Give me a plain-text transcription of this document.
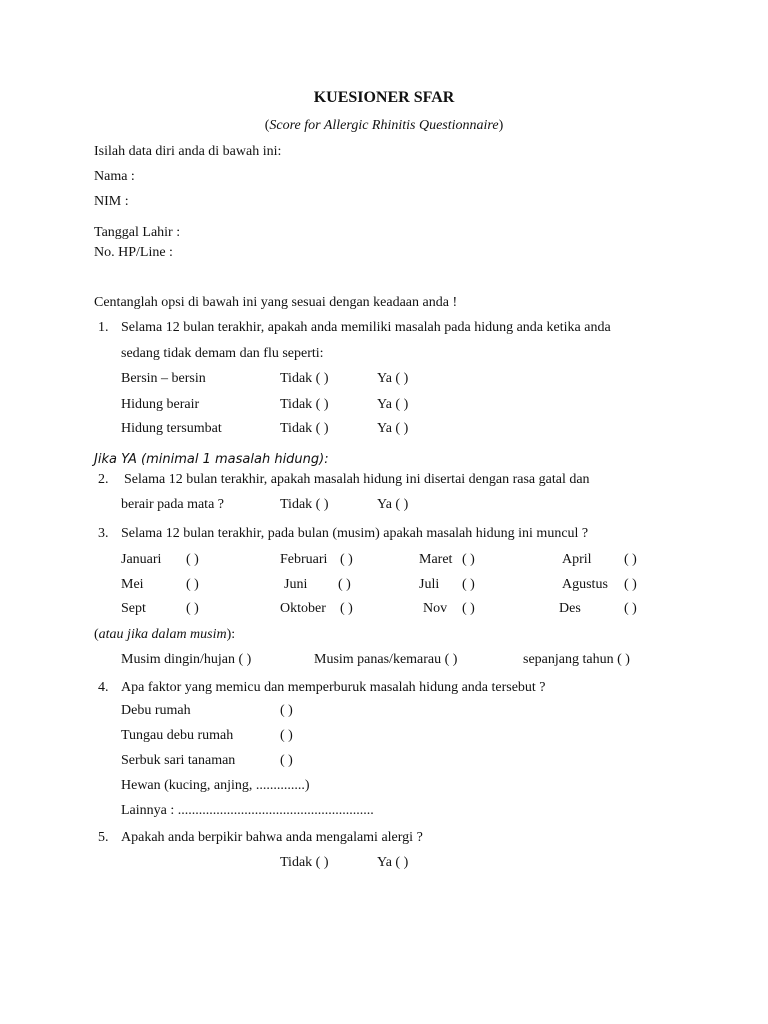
KUESIONER SFAR
(Score for Allergic Rhinitis Questionnaire)
Isilah data diri anda di bawah ini:
Nama :
NIM :
Tanggal Lahir :
No. HP/Line :
Centanglah opsi di bawah ini yang sesuai dengan keadaan anda !
1. Selama 12 bulan terakhir, apakah anda memiliki masalah pada hidung anda ketika anda
sedang tidak demam dan flu seperti:
Bersin – bersin	Tidak ( )	Ya ( )
Hidung berair	Tidak ( )	Ya ( )
Hidung tersumbat	Tidak ( )	Ya ( )
Jika YA (minimal 1 masalah hidung):
2. Selama 12 bulan terakhir, apakah masalah hidung ini disertai dengan rasa gatal dan
berair pada mata ?	Tidak ( )	Ya ( )
3. Selama 12 bulan terakhir, pada bulan (musim) apakah masalah hidung ini muncul ?
Januari ( )	Februari ( )	Maret ( )	April ( )
Mei	( )	Juni ( )	Juli ( )	Agustus ( )
Sept	( )	Oktober ( )	Nov ( )	Des	( )
(atau jika dalam musim):
Musim dingin/hujan ( )	Musim panas/kemarau ( )	sepanjang tahun ( )
4. Apa faktor yang memicu dan memperburuk masalah hidung anda tersebut ?
Debu rumah	( )
Tungau debu rumah	( )
Serbuk sari tanaman	( )
Hewan (kucing, anjing, ..............)
Lainnya : ........................................................
5. Apakah anda berpikir bahwa anda mengalami alergi ?
Tidak ( )	Ya ( )
